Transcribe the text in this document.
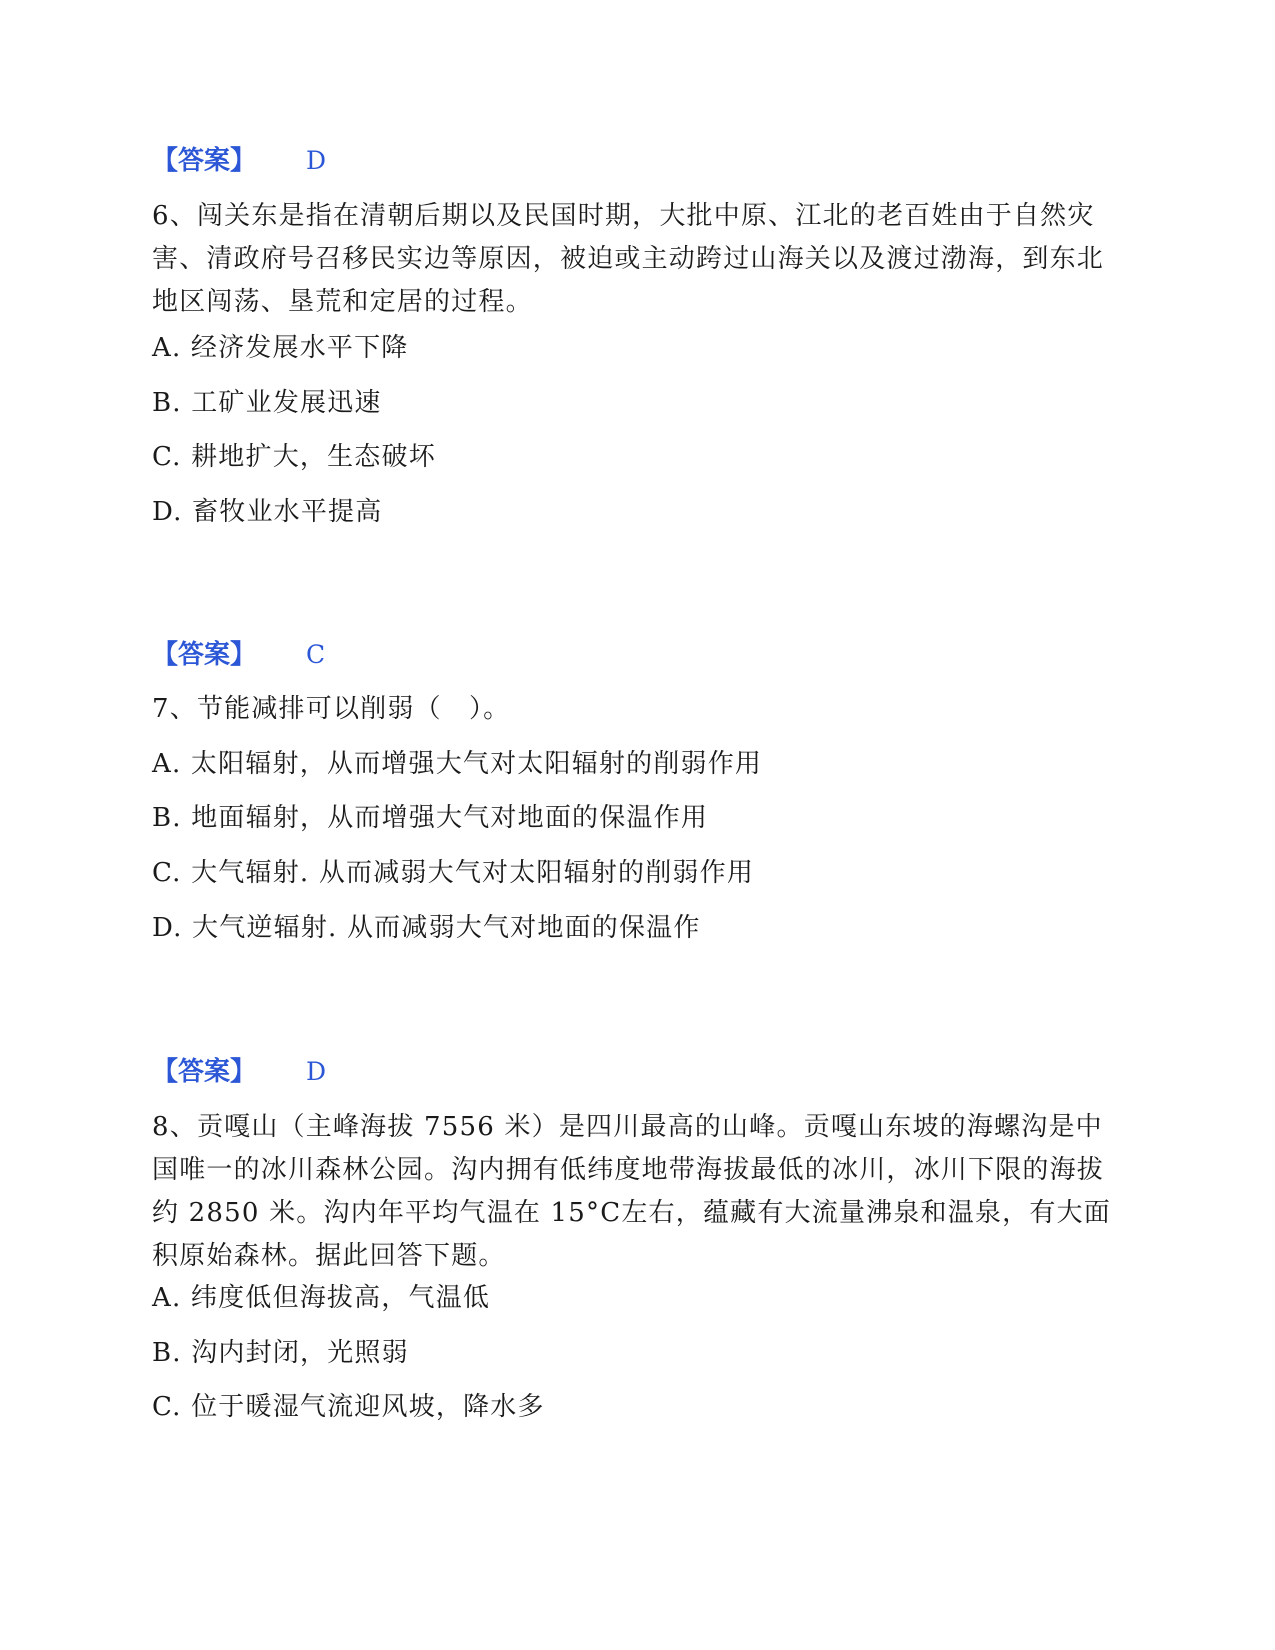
【答案】 D
6、闯关东是指在清朝后期以及民国时期，大批中原、江北的老百姓由于自然灾害、清政府号召移民实边等原因，被迫或主动跨过山海关以及渡过渤海，到东北地区闯荡、垦荒和定居的过程。
A. 经济发展水平下降
B. 工矿业发展迅速
C. 耕地扩大，生态破坏
D. 畜牧业水平提高
【答案】 C
7、节能减排可以削弱（　）。
A. 太阳辐射，从而增强大气对太阳辐射的削弱作用
B. 地面辐射，从而增强大气对地面的保温作用
C. 大气辐射. 从而减弱大气对太阳辐射的削弱作用
D. 大气逆辐射. 从而减弱大气对地面的保温作
【答案】 D
8、贡嘎山（主峰海拔 7556 米）是四川最高的山峰。贡嘎山东坡的海螺沟是中国唯一的冰川森林公园。沟内拥有低纬度地带海拔最低的冰川，冰川下限的海拔约 2850 米。沟内年平均气温在 15°C左右，蕴藏有大流量沸泉和温泉，有大面积原始森林。据此回答下题。
A. 纬度低但海拔高，气温低
B. 沟内封闭，光照弱
C. 位于暖湿气流迎风坡，降水多
